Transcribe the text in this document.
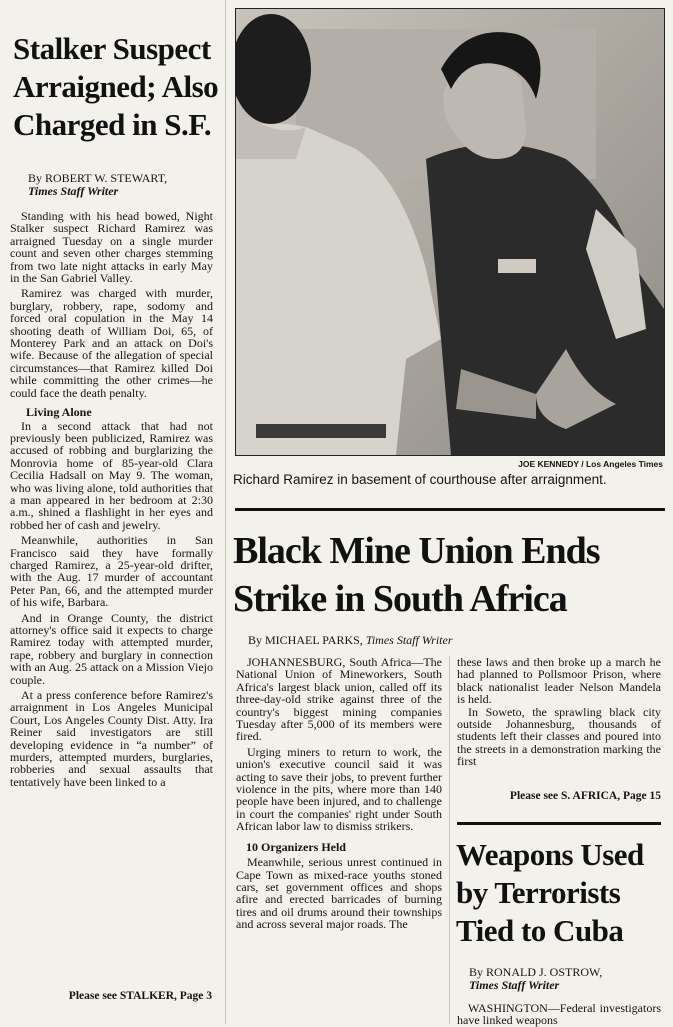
Stalker Suspect
Arraigned; Also
Charged in S.F.
By ROBERT W. STEWART,
Times Staff Writer

Standing with his head bowed, Night Stalker suspect Richard Ramirez was arraigned Tuesday on a single murder count and seven other charges stemming from two late night attacks in early May in the San Gabriel Valley.

Ramirez was charged with murder, burglary, robbery, rape, sodomy and forced oral copulation in the May 14 shooting death of William Doi, 65, of Monterey Park and an attack on Doi's wife. Because of the allegation of special circumstances—that Ramirez killed Doi while committing the other crimes—he could face the death penalty.

Living Alone

In a second attack that had not previously been publicized, Ramirez was accused of robbing and burglarizing the Monrovia home of 85-year-old Clara Cecilia Hadsall on May 9. The woman, who was living alone, told authorities that a man appeared in her bedroom at 2:30 a.m., shined a flashlight in her eyes and robbed her of cash and jewelry.

Meanwhile, authorities in San Francisco said they have formally charged Ramirez, a 25-year-old drifter, with the Aug. 17 murder of accountant Peter Pan, 66, and the attempted murder of his wife, Barbara.

And in Orange County, the district attorney's office said it expects to charge Ramirez today with attempted murder, rape, robbery and burglary in connection with an Aug. 25 attack on a Mission Viejo couple.

At a press conference before Ramirez's arraignment in Los Angeles Municipal Court, Los Angeles County Dist. Atty. Ira Reiner said investigators are still developing evidence in “a number” of murders, attempted murders, burglaries, robberies and sexual assaults that tentatively have been linked to a

Please see STALKER, Page 3

JOE KENNEDY / Los Angeles Times
Richard Ramirez in basement of courthouse after arraignment.
Black Mine Union Ends
Strike in South Africa
By MICHAEL PARKS, Times Staff Writer

JOHANNESBURG, South Africa—The National Union of Mineworkers, South Africa's largest black union, called off its three-day-old strike against three of the country's biggest mining companies Tuesday after 5,000 of its members were fired.

Urging miners to return to work, the union's executive council said it was acting to save their jobs, to prevent further violence in the pits, where more than 140 people have been injured, and to challenge in court the companies' right under South African labor law to dismiss strikers.

10 Organizers Held

Meanwhile, serious unrest continued in Cape Town as mixed-race youths stoned cars, set government offices and shops afire and erected barricades of burning tires and oil drums around their townships and across several major roads. The

these laws and then broke up a march he had planned to Pollsmoor Prison, where black nationalist leader Nelson Mandela is held.

In Soweto, the sprawling black city outside Johannesburg, thousands of students left their classes and poured into the streets in a demonstration marking the first

Please see S. AFRICA, Page 15

Weapons Used
by Terrorists
Tied to Cuba
By RONALD J. OSTROW,
Times Staff Writer

WASHINGTON—Federal investigators have linked weapons
